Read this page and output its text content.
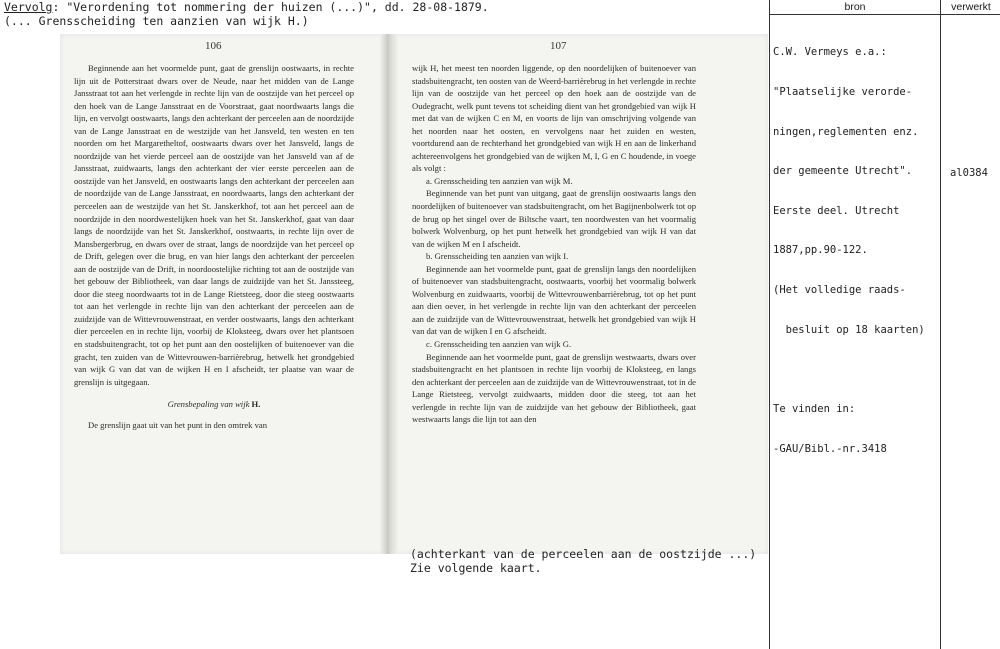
Vervolg: "Verordening tot nommering der huizen (...)", dd. 28-08-1879.
(... Grensscheiding ten aanzien van wijk H.)
106	107

Beginnende aan het voormelde punt, gaat de grenslijn oostwaarts, in rechte lijn uit de Potterstraat dwars over de Neude, naar het midden van de Lange Jansstraat tot aan het verlengde in rechte lijn van de oostzijde van het perceel op den hoek van de Lange Jansstraat en de Voorstraat, gaat noordwaarts langs die lijn, en vervolgt oostwaarts, langs den achterkant der perceelen aan de noordzijde van de Lange Jansstraat en de westzijde van het Jansveld, ten westen en ten noorden om het Margaretheltof, oostwaarts dwars over het Jansveld, langs de noordzijde van het vierde perceel aan de oostzijde van het Jansveld van af de Jansstraat, zuidwaarts, langs den achterkant der vier eerste perceelen aan de oostzijde van het Jansveld, en oostwaarts langs den achterkant der perceelen aan de noordzijde van de Lange Jansstraat, en noordwaarts, langs den achterkant der perceelen aan de westzijde van het St. Janskerkhof, tot aan het perceel aan de noordzijde in den noordwestelijken hoek van het St. Janskerkhof, gaat van daar langs de noordzijde van het St. Janskerkhof, oostwaarts, in rechte lijn over de Mansbergerbrug, en dwars over de straat, langs de noordzijde van het perceel op de Drift, gelegen over die brug, en van hier langs den achterkant der perceelen aan de oostzijde van de Drift, in noordoostelijke richting tot aan de oostzijde van het gebouw der Bibliotheek, van daar langs de zuidzijde van het St. Janssteeg, door die steeg noordwaarts tot in de Lange Rietsteeg, door die steeg oostwaarts tot aan het verlengde in rechte lijn van den achterkant der perceelen aan de zuidzijde van de Wittevrouwenstraat, en verder oostwaarts, langs den achterkant dier perceelen en in rechte lijn, voorbij de Kloksteeg, dwars over het plantsoen en stadsbuitengracht, tot op het punt aan den oostelijken of buitenoever van die gracht, ten zuiden van de Wittevrouwen-barrièrebrug, hetwelk het grondgebied van wijk G van dat van de wijken H en I afscheidt, ter plaatse van waar de grenslijn is uitgegaan.

Grensbepaling van wijk H.

De grenslijn gaat uit van het punt in den omtrek van

wijk H, het meest ten noorden liggende, op den noordelijken of buitenoever van stadsbuitengracht, ten oosten van de Weerd-barrièrebrug in het verlengde in rechte lijn van de oostzijde van het perceel op den hoek aan de oostzijde van de Oudegracht, welk punt tevens tot scheiding dient van het grondgebied van wijk H met dat van de wijken C en M, en voorts de lijn van omschrijving volgende van het noorden naar het oosten, en vervolgens naar het zuiden en westen, voortdurend aan de rechterhand het grondgebied van wijk H en aan de linkerhand achtereenvolgens het grondgebied van de wijken M, I, G en C houdende, in voege als volgt :

a. Grensscheiding ten aanzien van wijk M.

Beginnende van het punt van uitgang, gaat de grenslijn oostwaarts langs den noordelijken of buitenoever van stadsbuitengracht, om het Bagijnenbolwerk tot op de brug op het singel over de Biltsche vaart, ten noordwesten van het voormalig bolwerk Wolvenburg, op het punt hetwelk het grondgebied van wijk H van dat van de wijken M en I afscheidt.

b. Grensscheiding ten aanzien van wijk I.

Beginnende aan het voormelde punt, gaat de grenslijn langs den noordelijken of buitenoever van stadsbuitengracht, oostwaarts, voorbij het voormalig bolwerk Wolvenburg en zuidwaarts, voorbij de Wittevrouwenbarrièrebrug, tot op het punt aan dien oever, in het verlengde in rechte lijn van den achterkant der perceelen aan de zuidzijde van de Wittevrouwenstraat, hetwelk het grondgebied van wijk H van dat van de wijken I en G afscheidt.

c. Grensscheiding ten aanzien van wijk G.

Beginnende aan het voormelde punt, gaat de grenslijn westwaarts, dwars over stadsbuitengracht en het plantsoen in rechte lijn voorbij de Kloksteeg, en langs den achterkant der perceelen aan de zuidzijde van de Wittevrouwenstraat, tot in de Lange Rietsteeg, vervolgt zuidwaarts, midden door die steeg, tot aan het verlengde in rechte lijn van de zuidzijde van het gebouw der Bibliotheek, gaat westwaarts langs die lijn tot aan den

(achterkant van de perceelen aan de oostzijde ...)
Zie volgende kaart.
bron	verwerkt

C.W. Vermeys e.a.:

"Plaatselijke verorde-

ningen,reglementen enz.

der gemeente Utrecht".

Eerste deel. Utrecht

1887,pp.90-122.

(Het volledige raads-

besluit op 18 kaarten)

Te vinden in:

-GAU/Bibl.-nr.3418

al0384
